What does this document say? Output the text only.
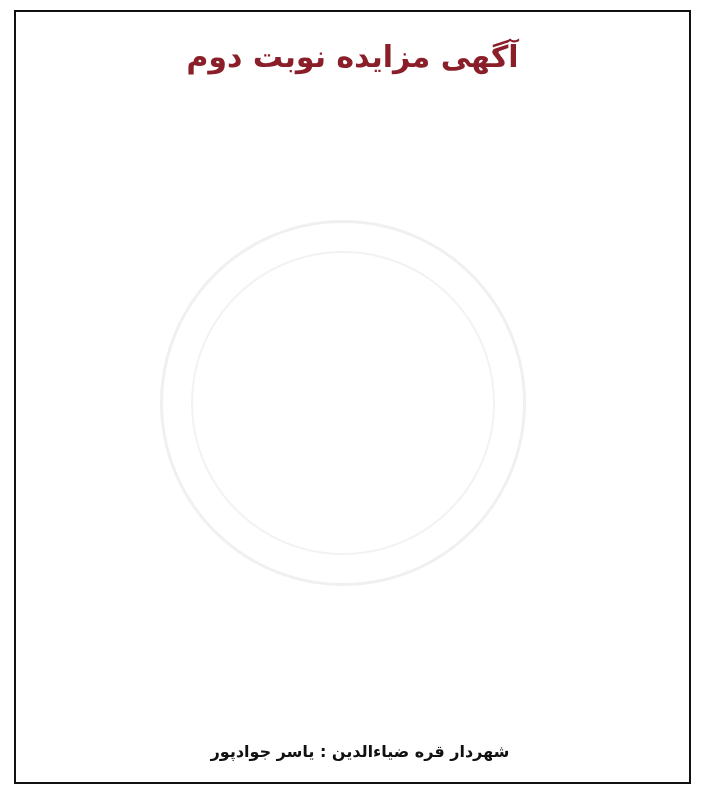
آگهی مزایده نوبت دوم
شهردار قره ضیاءالدین : یاسر جوادپور
